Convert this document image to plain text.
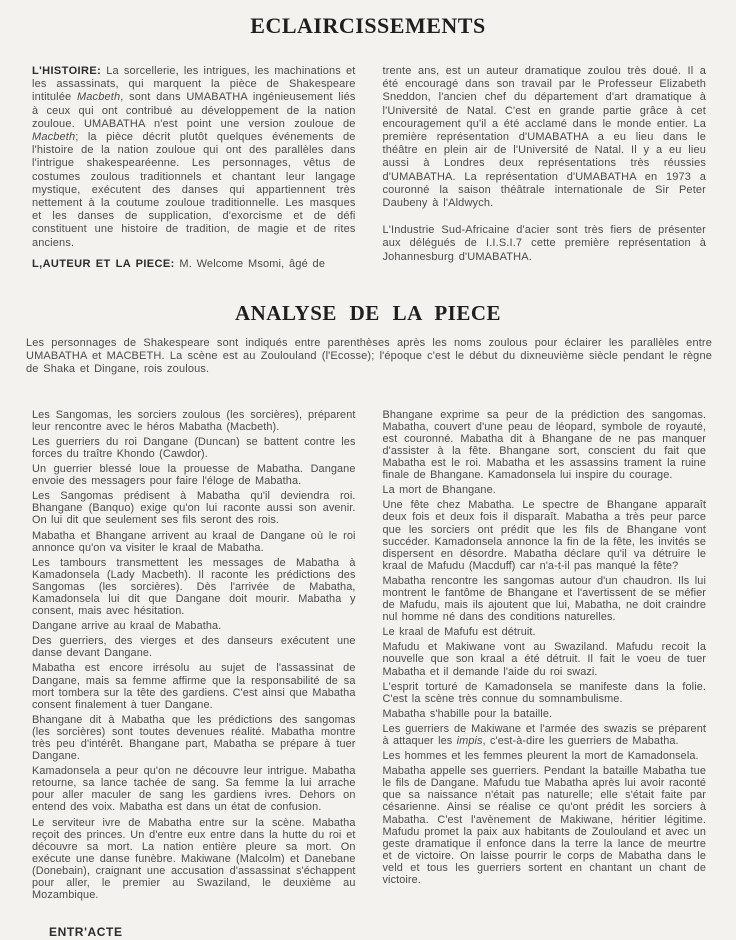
ECLAIRCISSEMENTS

L'HISTOIRE: La sorcellerie, les intrigues, les machinations et les assassinats, qui marquent la pièce de Shakespeare intitulée Macbeth, sont dans UMABATHA ingénieusement liés à ceux qui ont contribué au développement de la nation zouloue. UMABATHA n'est point une version zouloue de Macbeth; la pièce décrit plutôt quelques événements de l'histoire de la nation zouloue qui ont des parallèles dans l'intrigue shakespearéenne. Les personnages, vêtus de costumes zoulous traditionnels et chantant leur langage mystique, exécutent des danses qui appartiennent très nettement à la coutume zouloue traditionnelle. Les masques et les danses de supplication, d'exorcisme et de défi constituent une histoire de tradition, de magie et de rites anciens.

L,AUTEUR ET LA PIECE: M. Welcome Msomi, âgé de

trente ans, est un auteur dramatique zoulou très doué. Il a été encouragé dans son travail par le Professeur Elizabeth Sneddon, l'ancien chef du département d'art dramatique à l'Université de Natal. C'est en grande partie grâce à cet encouragement qu'il a été acclamé dans le monde entier. La première représentation d'UMABATHA a eu lieu dans le théâtre en plein air de l'Université de Natal. Il y a eu lieu aussi à Londres deux représentations très réussies d'UMABATHA. La représentation d'UMABATHA en 1973 a couronné la saison théâtrale internationale de Sir Peter Daubeny à l'Aldwych.

L'Industrie Sud-Africaine d'acier sont très fiers de présenter aux délégués de I.I.S.I.7 cette première représentation à Johannesburg d'UMABATHA.

ANALYSE DE LA PIECE

Les personnages de Shakespeare sont indiqués entre parenthèses après les noms zoulous pour éclairer les parallèles entre UMABATHA et MACBETH. La scène est au Zoulouland (l'Ecosse); l'époque c'est le début du dixneuvième siècle pendant le règne de Shaka et Dingane, rois zoulous.

Les Sangomas, les sorciers zoulous (les sorcières), préparent leur rencontre avec le héros Mabatha (Macbeth).

Les guerriers du roi Dangane (Duncan) se battent contre les forces du traître Khondo (Cawdor).

Un guerrier blessé loue la prouesse de Mabatha. Dangane envoie des messagers pour faire l'éloge de Mabatha.

Les Sangomas prédisent à Mabatha qu'il deviendra roi. Bhangane (Banquo) exige qu'on lui raconte aussi son avenir. On lui dit que seulement ses fils seront des rois.

Mabatha et Bhangane arrivent au kraal de Dangane où le roi annonce qu'on va visiter le kraal de Mabatha.

Les tambours transmettent les messages de Mabatha à Kamadonsela (Lady Macbeth). Il raconte les prédictions des Sangomas (les sorcières). Dès l'arrivée de Mabatha, Kamadonsela lui dit que Dangane doit mourir. Mabatha y consent, mais avec hésitation.

Dangane arrive au kraal de Mabatha.

Des guerriers, des vierges et des danseurs exécutent une danse devant Dangane.

Mabatha est encore irrésolu au sujet de l'assassinat de Dangane, mais sa femme affirme que la responsabilité de sa mort tombera sur la tête des gardiens. C'est ainsi que Mabatha consent finalement à tuer Dangane.

Bhangane dit à Mabatha que les prédictions des sangomas (les sorcières) sont toutes devenues réalité. Mabatha montre très peu d'intérêt. Bhangane part, Mabatha se prépare à tuer Dangane.

Kamadonsela a peur qu'on ne découvre leur intrigue. Mabatha retourne, sa lance tachée de sang. Sa femme la lui arrache pour aller maculer de sang les gardiens ivres. Dehors on entend des voix. Mabatha est dans un état de confusion.

Le serviteur ivre de Mabatha entre sur la scène. Mabatha reçoit des princes. Un d'entre eux entre dans la hutte du roi et découvre sa mort. La nation entière pleure sa mort. On exécute une danse funèbre. Makiwane (Malcolm) et Danebane (Donebain), craignant une accusation d'assassinat s'échappent pour aller, le premier au Swaziland, le deuxième au Mozambique.

ENTR'ACTE

Bhangane exprime sa peur de la prédiction des sangomas. Mabatha, couvert d'une peau de léopard, symbole de royauté, est couronné. Mabatha dit à Bhangane de ne pas manquer d'assister à la fête. Bhangane sort, conscient du fait que Mabatha est le roi. Mabatha et les assassins trament la ruine finale de Bhangane. Kamadonsela lui inspire du courage.

La mort de Bhangane.

Une fête chez Mabatha. Le spectre de Bhangane apparaît deux fois et deux fois il disparaît. Mabatha a très peur parce que les sorciers ont prédit que les fils de Bhangane vont succéder. Kamadonsela annonce la fin de la fête, les invités se dispersent en désordre. Mabatha déclare qu'il va détruire le kraal de Mafudu (Macduff) car n'a-t-il pas manqué la fête?

Mabatha rencontre les sangomas autour d'un chaudron. Ils lui montrent le fantôme de Bhangane et l'avertissent de se méfier de Mafudu, mais ils ajoutent que lui, Mabatha, ne doit craindre nul homme né dans des conditions naturelles.

Le kraal de Mafufu est détruit.

Mafudu et Makiwane vont au Swaziland. Mafudu recoit la nouvelle que son kraal a été détruit. Il fait le voeu de tuer Mabatha et il demande l'aide du roi swazi.

L'esprit torturé de Kamadonsela se manifeste dans la folie. C'est la scène très connue du somnambulisme.

Mabatha s'habille pour la bataille.

Les guerriers de Makiwane et l'armée des swazis se préparent à attaquer les impis, c'est-à-dire les guerriers de Mabatha.

Les hommes et les femmes pleurent la mort de Kamadonsela.

Mabatha appelle ses guerriers. Pendant la bataille Mabatha tue le fils de Dangane. Mafudu tue Mabatha après lui avoir raconté que sa naissance n'était pas naturelle; elle s'était faite par césarienne. Ainsi se réalise ce qu'ont prédit les sorciers à Mabatha. C'est l'avènement de Makiwane, héritier légitime. Mafudu promet la paix aux habitants de Zoulouland et avec un geste dramatique il enfonce dans la terre la lance de meurtre et de victoire. On laisse pourrir le corps de Mabatha dans le veld et tous les guerriers sortent en chantant un chant de victoire.
